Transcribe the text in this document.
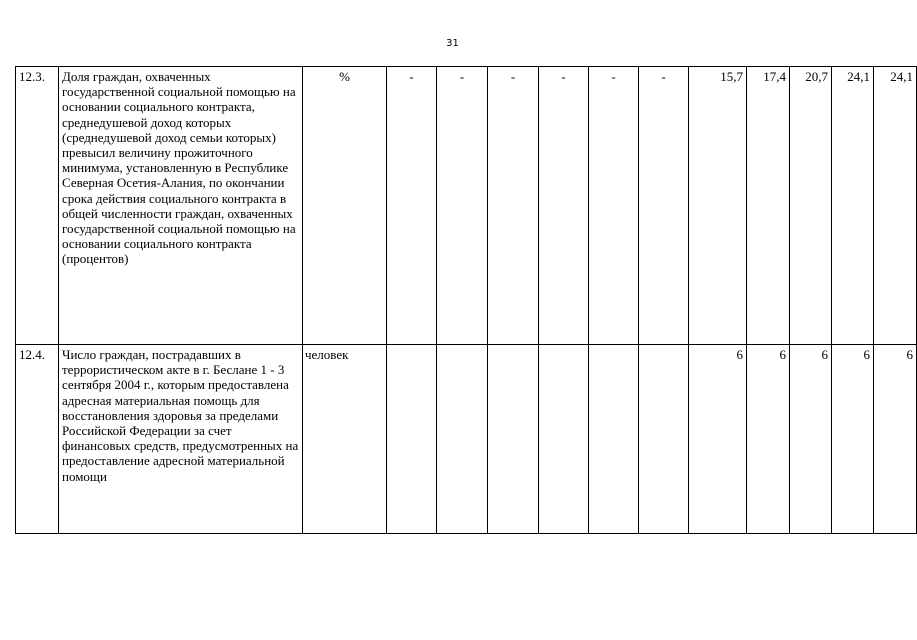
31
12.3.	Доля граждан, охваченных государственной социальной помощью на основании социального контракта, среднедушевой доход которых (среднедушевой доход семьи которых) превысил величину прожиточного минимума, установленную в Республике Северная Осетия-Алания, по окончании срока действия социального контракта в общей численности граждан, охваченных государственной социальной помощью на основании социального контракта (процентов)	%	-	-	-	-	-	-	15,7	17,4	20,7	24,1	24,1
12.4.	Число граждан, пострадавших в террористическом акте в г. Беслане 1 - 3 сентября 2004 г., которым предоставлена адресная материальная помощь для восстановления здоровья за пределами Российской Федерации за счет финансовых средств, предусмотренных на предоставление адресной материальной помощи	человек							6	6	6	6	6
